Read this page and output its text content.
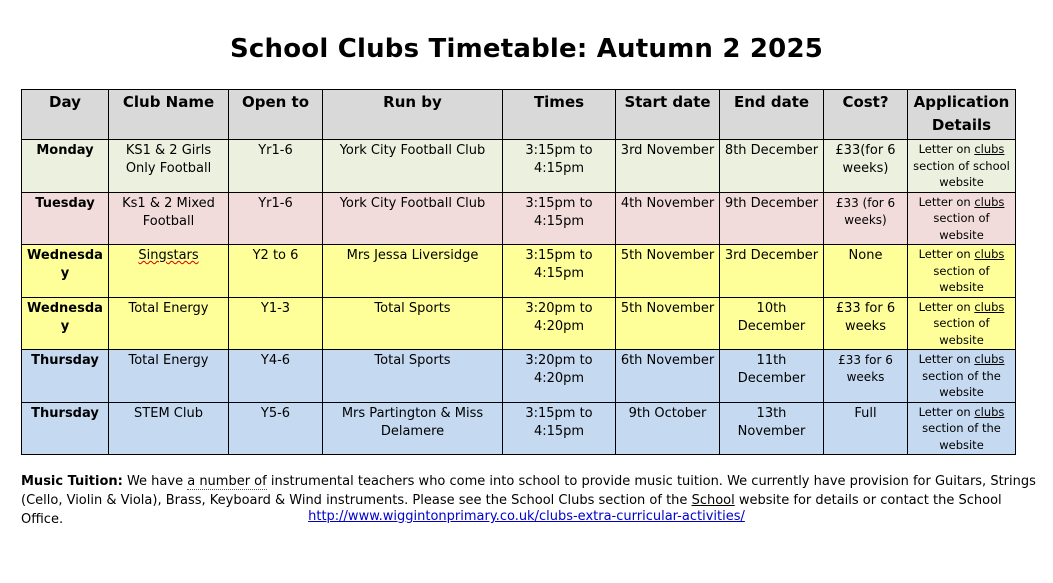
School Clubs Timetable: Autumn 2 2025
Day	Club Name	Open to	Run by	Times	Start date	End date	Cost?	Application Details
Monday	KS1 & 2 Girls Only Football	Yr1-6	York City Football Club	3:15pm to 4:15pm	3rd November	8th December	£33(for 6 weeks)	Letter on clubs section of school website
Tuesday	Ks1 & 2 Mixed Football	Yr1-6	York City Football Club	3:15pm to 4:15pm	4th November	9th December	£33 (for 6 weeks)	Letter on clubs section of website
Wednesday	Singstars	Y2 to 6	Mrs Jessa Liversidge	3:15pm to 4:15pm	5th November	3rd December	None	Letter on clubs section of website
Wednesday	Total Energy	Y1-3	Total Sports	3:20pm to 4:20pm	5th November	10th December	£33 for 6 weeks	Letter on clubs section of website
Thursday	Total Energy	Y4-6	Total Sports	3:20pm to 4:20pm	6th November	11th December	£33 for 6 weeks	Letter on clubs section of the website
Thursday	STEM Club	Y5-6	Mrs Partington & Miss Delamere	3:15pm to 4:15pm	9th October	13th November	Full	Letter on clubs section of the website
Music Tuition: We have a number of instrumental teachers who come into school to provide music tuition. We currently have provision for Guitars, Strings (Cello, Violin & Viola), Brass, Keyboard & Wind instruments. Please see the School Clubs section of the School website for details or contact the School Office.	http://www.wiggintonprimary.co.uk/clubs-extra-curricular-activities/
